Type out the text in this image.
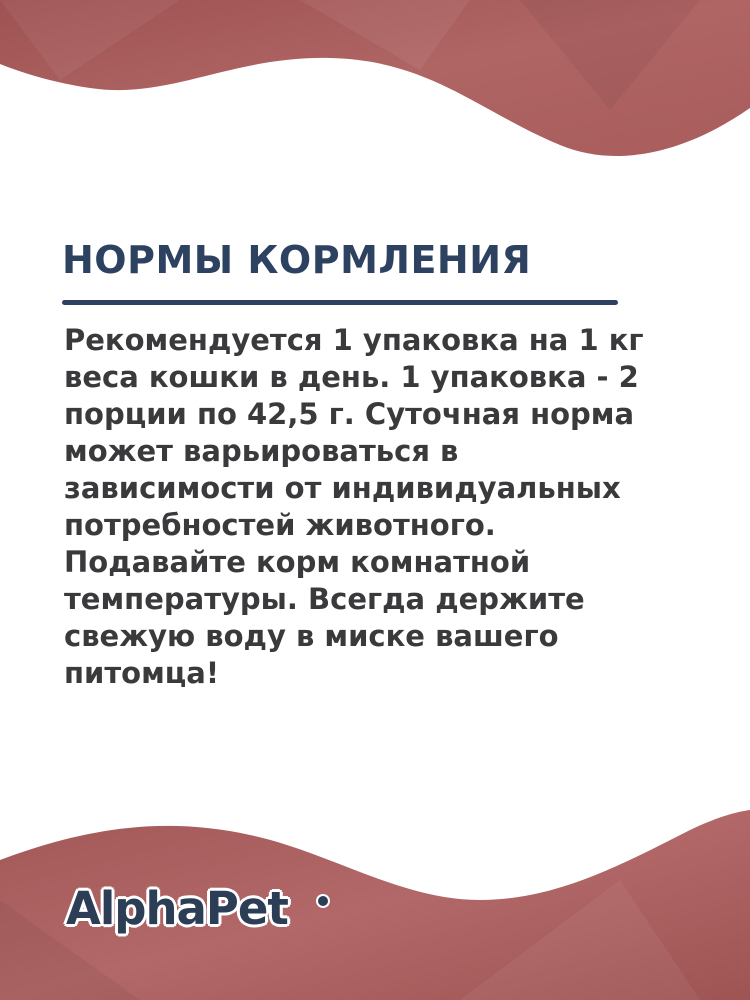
НОРМЫ КОРМЛЕНИЯ

Рекомендуется 1 упаковка на 1 кг веса кошки в день. 1 упаковка - 2 порции по 42,5 г. Суточная норма может варьироваться в зависимости от индивидуальных потребностей животного. Подавайте корм комнатной температуры. Всегда держите свежую воду в миске вашего питомца!

AlphaPet
